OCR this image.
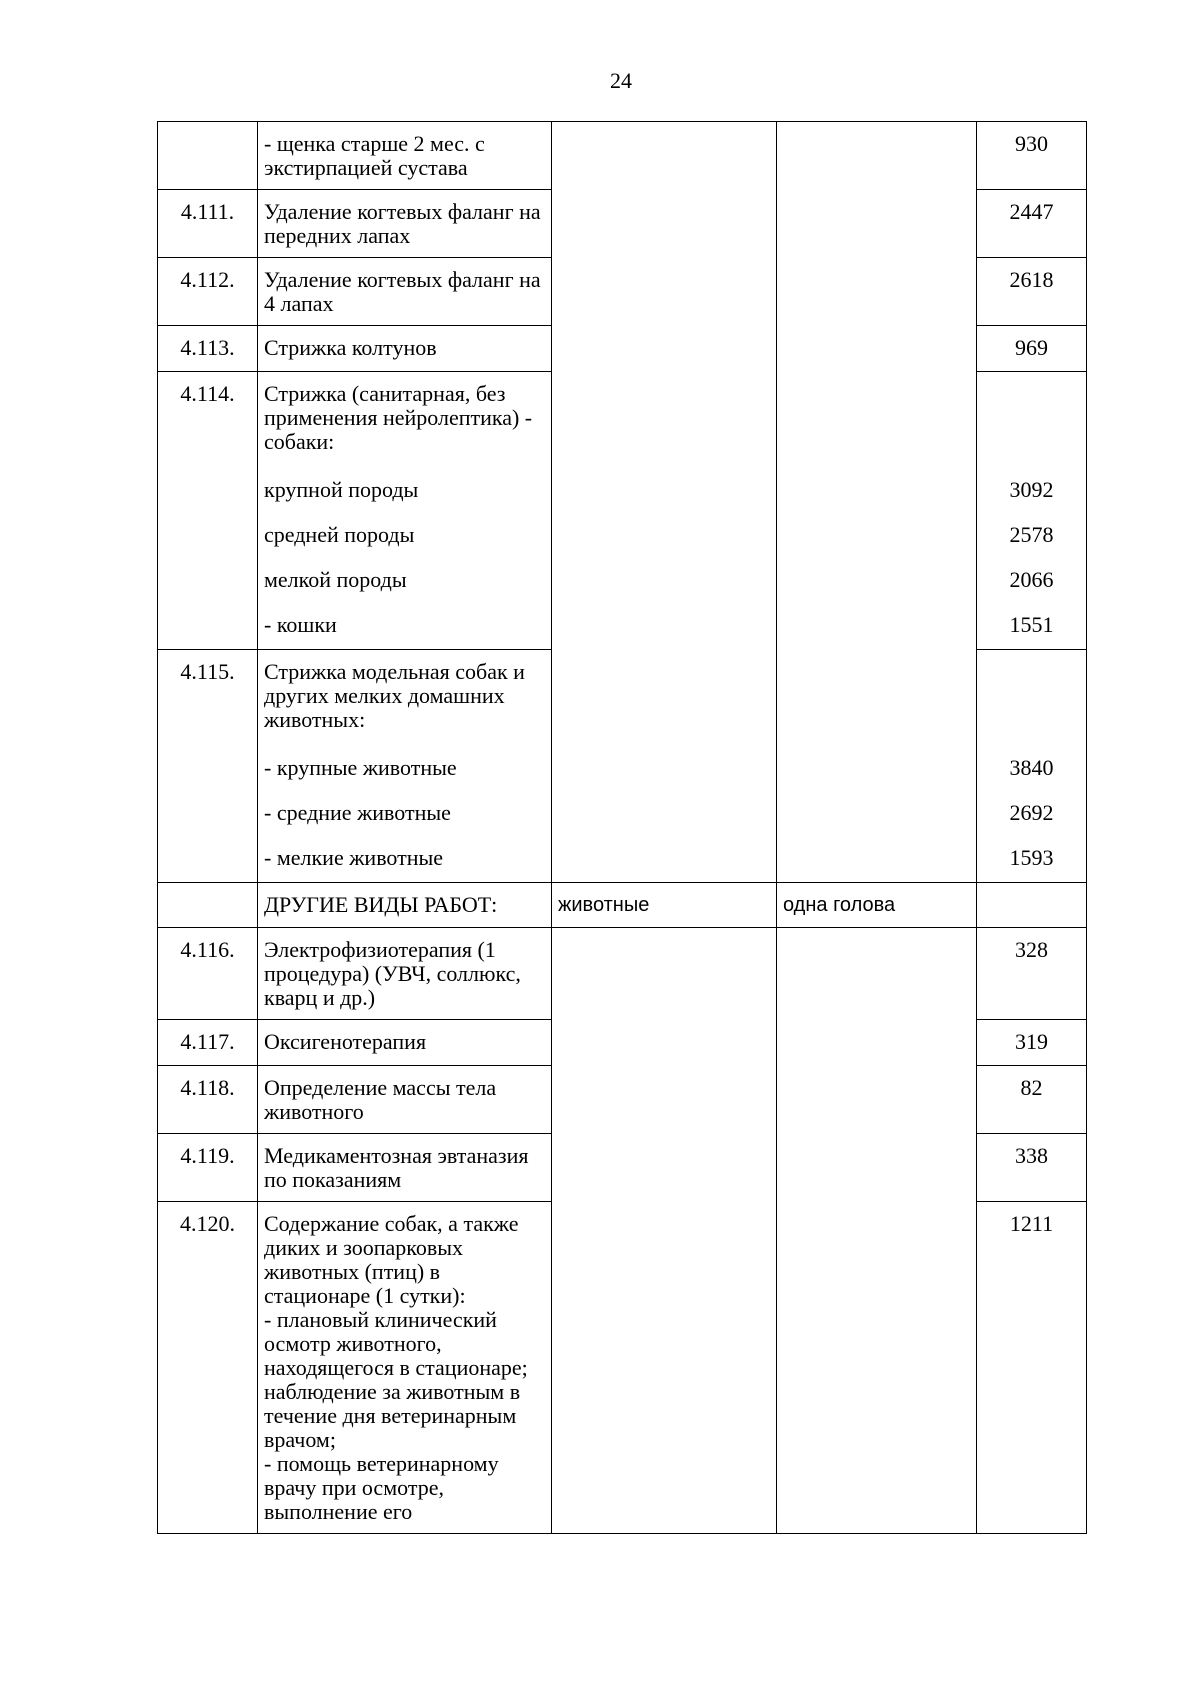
24
	- щенка старше 2 мес. с экстирпацией сустава			930
4.111.	Удаление когтевых фаланг на передних лапах			2447
4.112.	Удаление когтевых фаланг на 4 лапах			2618
4.113.	Стрижка колтунов			969
4.114.	Стрижка (санитарная, без применения нейролептика) - собаки:			
	крупной породы			3092
	средней породы			2578
	мелкой породы			2066
	- кошки			1551
4.115.	Стрижка модельная собак и других мелких домашних животных:			
	- крупные животные			3840
	- средние животные			2692
	- мелкие животные			1593
	ДРУГИЕ ВИДЫ РАБОТ:	животные	одна голова	
4.116.	Электрофизиотерапия (1 процедура) (УВЧ, соллюкс, кварц и др.)			328
4.117.	Оксигенотерапия			319
4.118.	Определение массы тела животного			82
4.119.	Медикаментозная эвтаназия по показаниям			338
4.120.	Содержание собак, а также диких и зоопарковых животных (птиц) в стационаре (1 сутки):
- плановый клинический осмотр животного, находящегося в стационаре; наблюдение за животным в течение дня ветеринарным врачом;
- помощь ветеринарному врачу при осмотре, выполнение его			1211
